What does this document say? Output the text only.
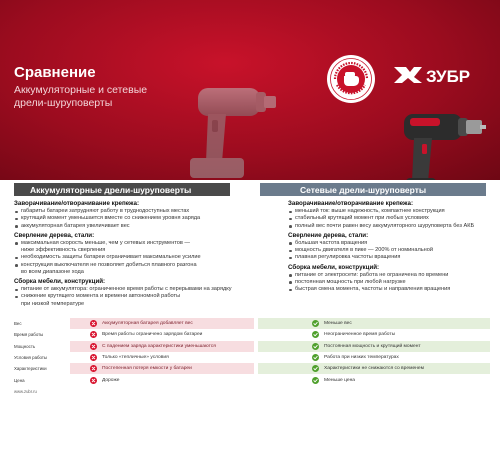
Сравнение
Аккумуляторные и сетевые
дрели-шуруповерты
ЗУБР
Аккумуляторные дрели-шуруповерты	Сетевые дрели-шуруповерты
Заворачивание/отворачивание крепежа:
габариты батареи затрудняют работу в труднодоступных местах
крутящий момент уменьшается вместе со снижением уровня заряда
аккумуляторная батарея увеличивает вес
Сверление дерева, стали:
максимальная скорость меньше, чем у сетевых инструментов —
ниже эффективность сверления
необходимость защиты батареи ограничивает максимальное усилие
конструкция выключателя не позволяет добиться плавного разгона
во всем диапазоне хода
Сборка мебели, конструкций:
питание от аккумулятора: ограниченное время работы с перерывами на зарядку
снижение крутящего момента и времени автономной работы
при низкой температуре
Заворачивание/отворачивание крепежа:
меньший ток: выше надежность, компактнее конструкция
стабильный крутящий момент при любых условиях
полный вес почти равен весу аккумуляторного шуруповерта без АКБ
Сверление дерева, стали:
большая частота вращения
мощность двигателя в пике — 200% от номинальной
плавная регулировка частоты вращения
Сборка мебели, конструкций:
питание от электросети: работа не ограничена по времени
постоянная мощность при любой нагрузке
быстрая смена момента, частоты и направления вращения
Вес	Аккумуляторная батарея добавляет вес	Меньше вес
Время работы	Время работы ограничено зарядом батареи	Неограниченное время работы
Мощность	С падением заряда характеристики уменьшаются	Постоянная мощность и крутящий момент
Условия работы	Только «тепличные» условия	Работа при низких температурах
Характеристики	Постепенная потеря емкости у батареи	Характеристики не снижаются со временем
Цена	Дороже	Меньше цена
www.zubr.ru
